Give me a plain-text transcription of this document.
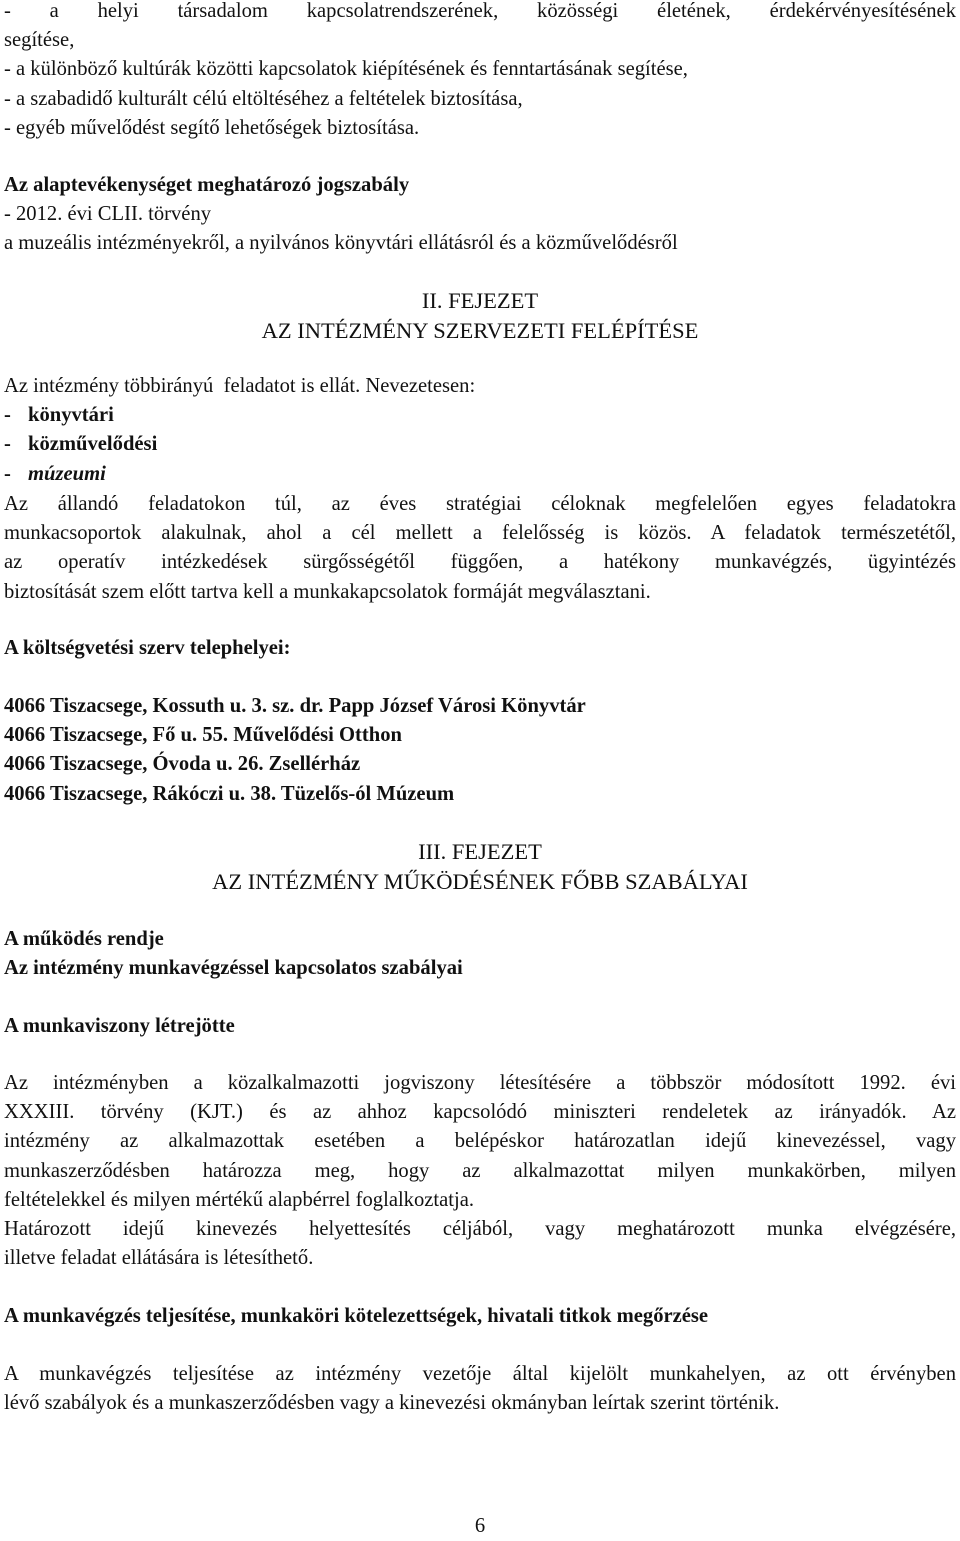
- a helyi társadalom kapcsolatrendszerének, közösségi életének, érdekérvényesítésének

segítése,

- a különböző kultúrák közötti kapcsolatok kiépítésének és fenntartásának segítése,

- a szabadidő kulturált célú eltöltéséhez a feltételek biztosítása,

- egyéb művelődést segítő lehetőségek biztosítása.

Az alaptevékenységet meghatározó jogszabály

- 2012. évi CLII. törvény

a muzeális intézményekről, a nyilvános könyvtári ellátásról és a közművelődésről

II. FEJEZET

AZ INTÉZMÉNY SZERVEZETI FELÉPÍTÉSE

Az intézmény többirányú  feladatot is ellát. Nevezetesen:

- könyvtári

- közművelődési

- múzeumi

Az állandó feladatokon túl, az éves stratégiai céloknak megfelelően egyes feladatokra

munkacsoportok alakulnak, ahol a cél mellett a felelősség is közös. A feladatok természetétől,

az operatív intézkedések sürgősségétől függően, a hatékony munkavégzés, ügyintézés

biztosítását szem előtt tartva kell a munkakapcsolatok formáját megválasztani.

A költségvetési szerv telephelyei:

4066 Tiszacsege, Kossuth u. 3. sz. dr. Papp József Városi Könyvtár

4066 Tiszacsege, Fő u. 55. Művelődési Otthon

4066 Tiszacsege, Óvoda u. 26. Zsellérház

4066 Tiszacsege, Rákóczi u. 38. Tüzelős-ól Múzeum

III. FEJEZET

AZ INTÉZMÉNY MŰKÖDÉSÉNEK FŐBB SZABÁLYAI

A működés rendje

Az intézmény munkavégzéssel kapcsolatos szabályai

A munkaviszony létrejötte

Az intézményben a közalkalmazotti jogviszony létesítésére a többször módosított 1992. évi

XXXIII. törvény (KJT.) és az ahhoz kapcsolódó miniszteri rendeletek az irányadók. Az

intézmény az alkalmazottak esetében a belépéskor határozatlan idejű kinevezéssel, vagy

munkaszerződésben határozza meg, hogy az alkalmazottat milyen munkakörben, milyen

feltételekkel és milyen mértékű alapbérrel foglalkoztatja.

Határozott idejű kinevezés helyettesítés céljából, vagy meghatározott munka elvégzésére,

illetve feladat ellátására is létesíthető.

A munkavégzés teljesítése, munkaköri kötelezettségek, hivatali titkok megőrzése

A munkavégzés teljesítése az intézmény vezetője által kijelölt munkahelyen, az ott érvényben

lévő szabályok és a munkaszerződésben vagy a kinevezési okmányban leírtak szerint történik.

6
